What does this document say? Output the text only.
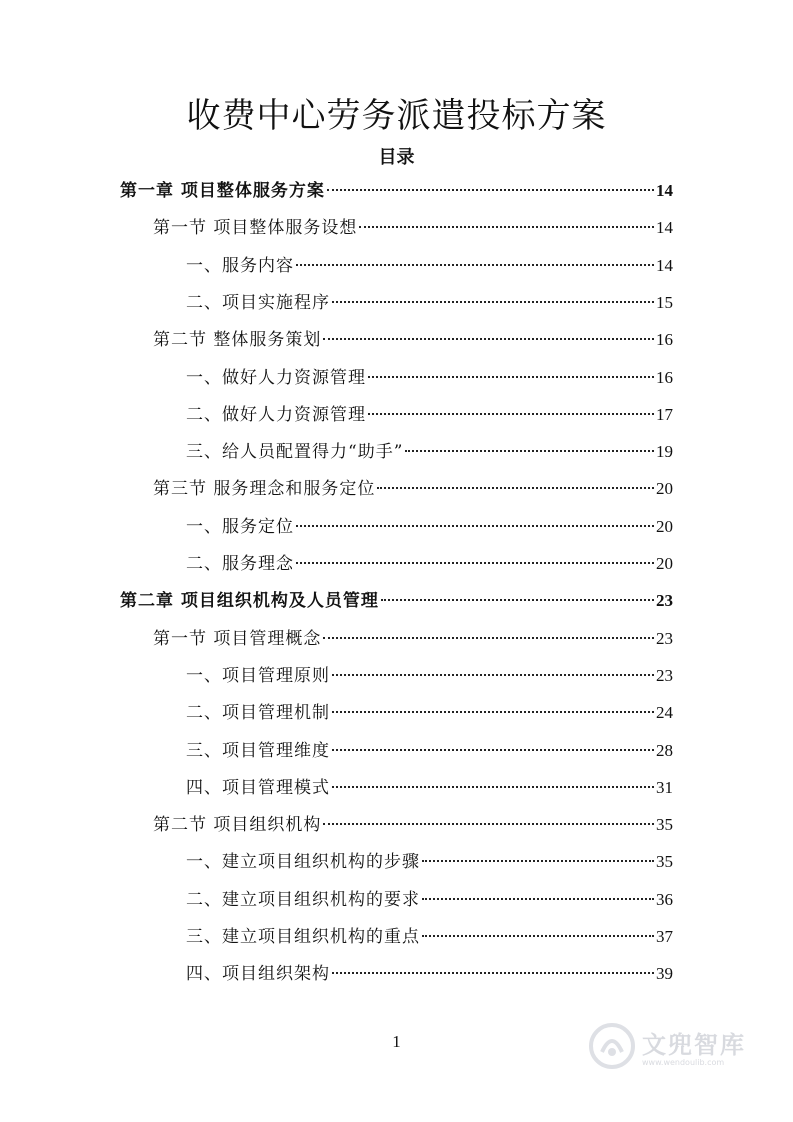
收费中心劳务派遣投标方案
目录
第一章 项目整体服务方案	14
第一节 项目整体服务设想	14
一、服务内容	14
二、项目实施程序	15
第二节 整体服务策划	16
一、做好人力资源管理	16
二、做好人力资源管理	17
三、给人员配置得力“助手”	19
第三节 服务理念和服务定位	20
一、服务定位	20
二、服务理念	20
第二章 项目组织机构及人员管理	23
第一节 项目管理概念	23
一、项目管理原则	23
二、项目管理机制	24
三、项目管理维度	28
四、项目管理模式	31
第二节 项目组织机构	35
一、建立项目组织机构的步骤	35
二、建立项目组织机构的要求	36
三、建立项目组织机构的重点	37
四、项目组织架构	39
1	文兜智库
www.wendoulib.com
